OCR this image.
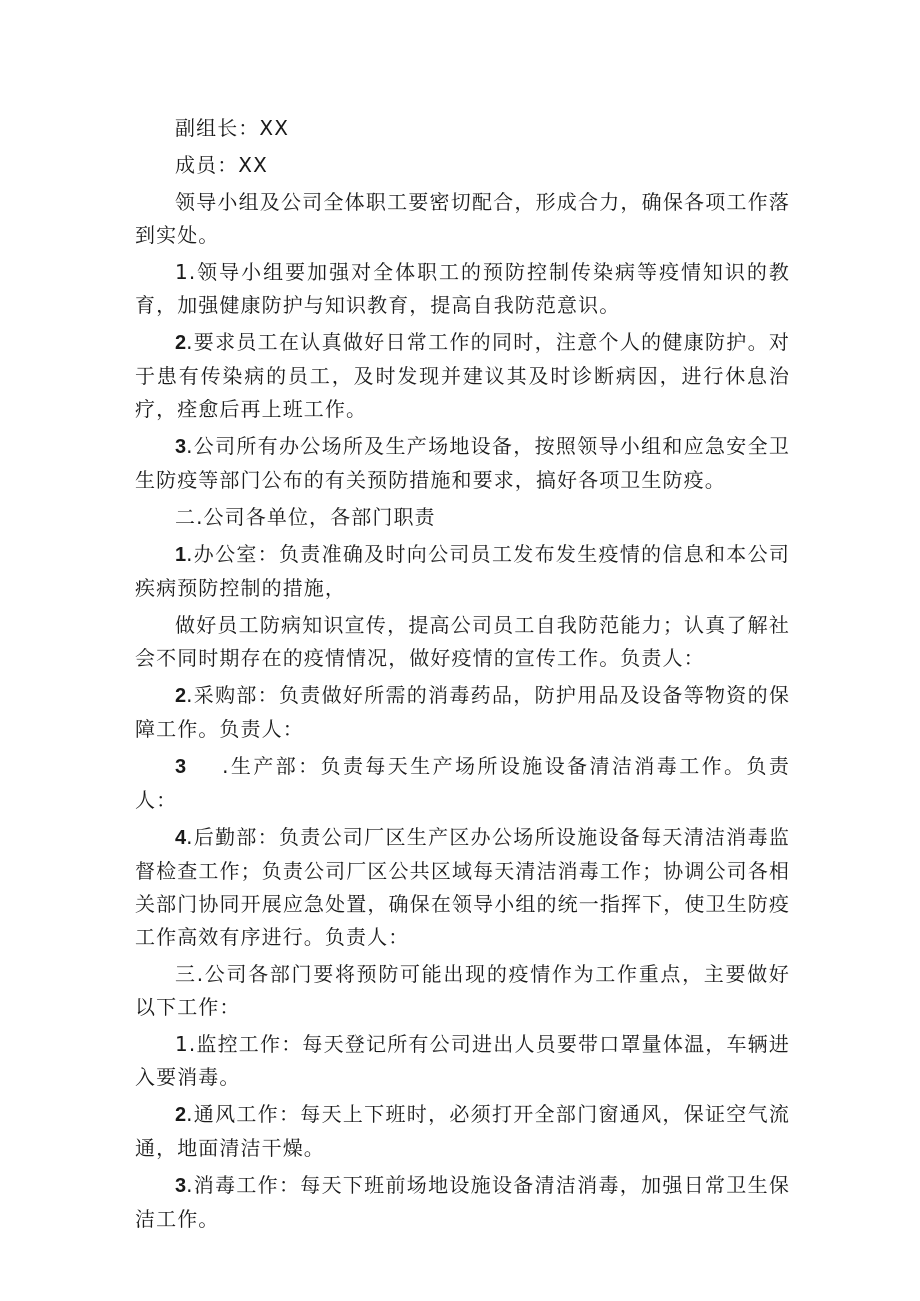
副组长：XX

成员：XX

领导小组及公司全体职工要密切配合，形成合力，确保各项工作落到实处。

1.领导小组要加强对全体职工的预防控制传染病等疫情知识的教育，加强健康防护与知识教育，提高自我防范意识。

2.要求员工在认真做好日常工作的同时，注意个人的健康防护。对于患有传染病的员工，及时发现并建议其及时诊断病因，进行休息治疗，痊愈后再上班工作。

3.公司所有办公场所及生产场地设备，按照领导小组和应急安全卫生防疫等部门公布的有关预防措施和要求，搞好各项卫生防疫。

二.公司各单位，各部门职责

1.办公室：负责准确及时向公司员工发布发生疫情的信息和本公司疾病预防控制的措施，

做好员工防病知识宣传，提高公司员工自我防范能力；认真了解社会不同时期存在的疫情情况，做好疫情的宣传工作。负责人：

2.采购部：负责做好所需的消毒药品，防护用品及设备等物资的保障工作。负责人：

3 .生产部：负责每天生产场所设施设备清洁消毒工作。负责人：

4.后勤部：负责公司厂区生产区办公场所设施设备每天清洁消毒监督检查工作；负责公司厂区公共区域每天清洁消毒工作；协调公司各相关部门协同开展应急处置，确保在领导小组的统一指挥下，使卫生防疫工作高效有序进行。负责人：

三.公司各部门要将预防可能出现的疫情作为工作重点，主要做好以下工作：

1.监控工作：每天登记所有公司进出人员要带口罩量体温，车辆进入要消毒。

2.通风工作：每天上下班时，必须打开全部门窗通风，保证空气流通，地面清洁干燥。

3.消毒工作：每天下班前场地设施设备清洁消毒，加强日常卫生保洁工作。
